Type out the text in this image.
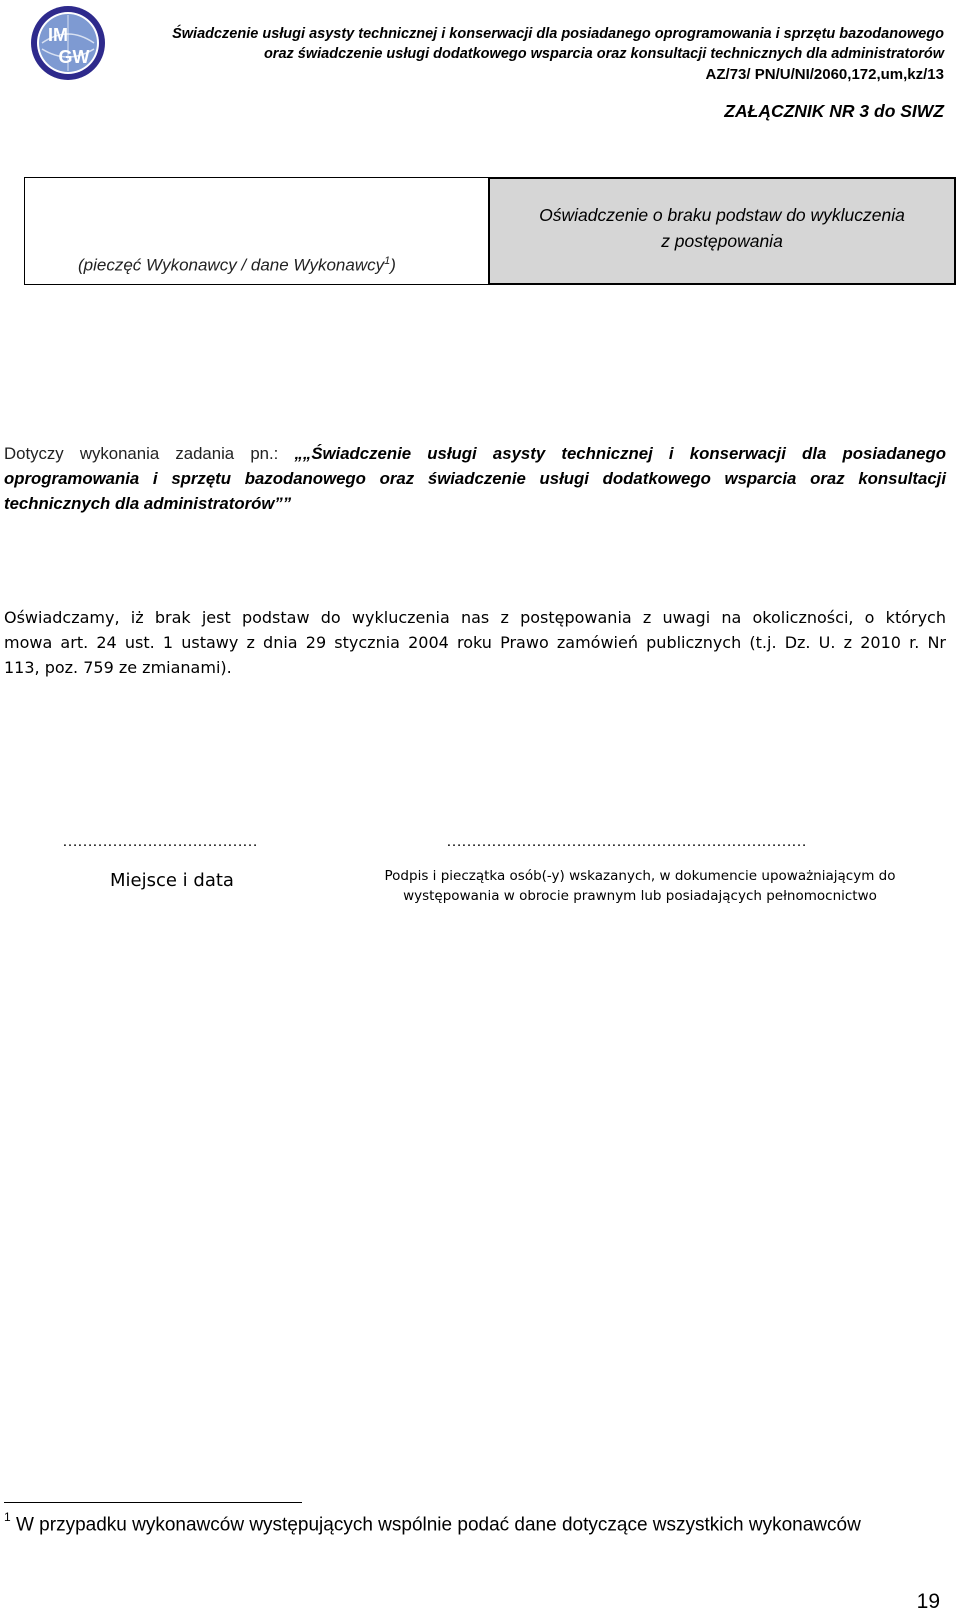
IM
GW
Świadczenie usługi asysty technicznej i konserwacji dla posiadanego oprogramowania i sprzętu bazodanowego
oraz świadczenie usługi dodatkowego wsparcia oraz konsultacji technicznych dla administratorów
AZ/73/ PN/U/NI/2060,172,um,kz/13
ZAŁĄCZNIK NR 3 do SIWZ
(pieczęć Wykonawcy / dane Wykonawcy$^1$)
Oświadczenie o braku podstaw do wykluczenia
z postępowania
Dotyczy wykonania zadania pn.: „„Świadczenie usługi asysty technicznej i konserwacji dla posiadanego oprogramowania i sprzętu bazodanowego oraz świadczenie usługi dodatkowego wsparcia oraz konsultacji technicznych dla administratorów””
Oświadczamy, iż brak jest podstaw do wykluczenia nas z postępowania z uwagi na okoliczności, o których
mowa art. 24 ust. 1 ustawy z dnia 29 stycznia 2004 roku Prawo zamówień publicznych (t.j. Dz. U. z 2010 r. Nr
113, poz. 759 ze zmianami).
…………………………………	………………………………………………………………
Miejsce i data	Podpis i pieczątka osób(-y) wskazanych, w dokumencie upoważniającym do
występowania w obrocie prawnym lub posiadających pełnomocnictwo
$^1$ W przypadku wykonawców występujących wspólnie podać dane dotyczące wszystkich wykonawców
19
